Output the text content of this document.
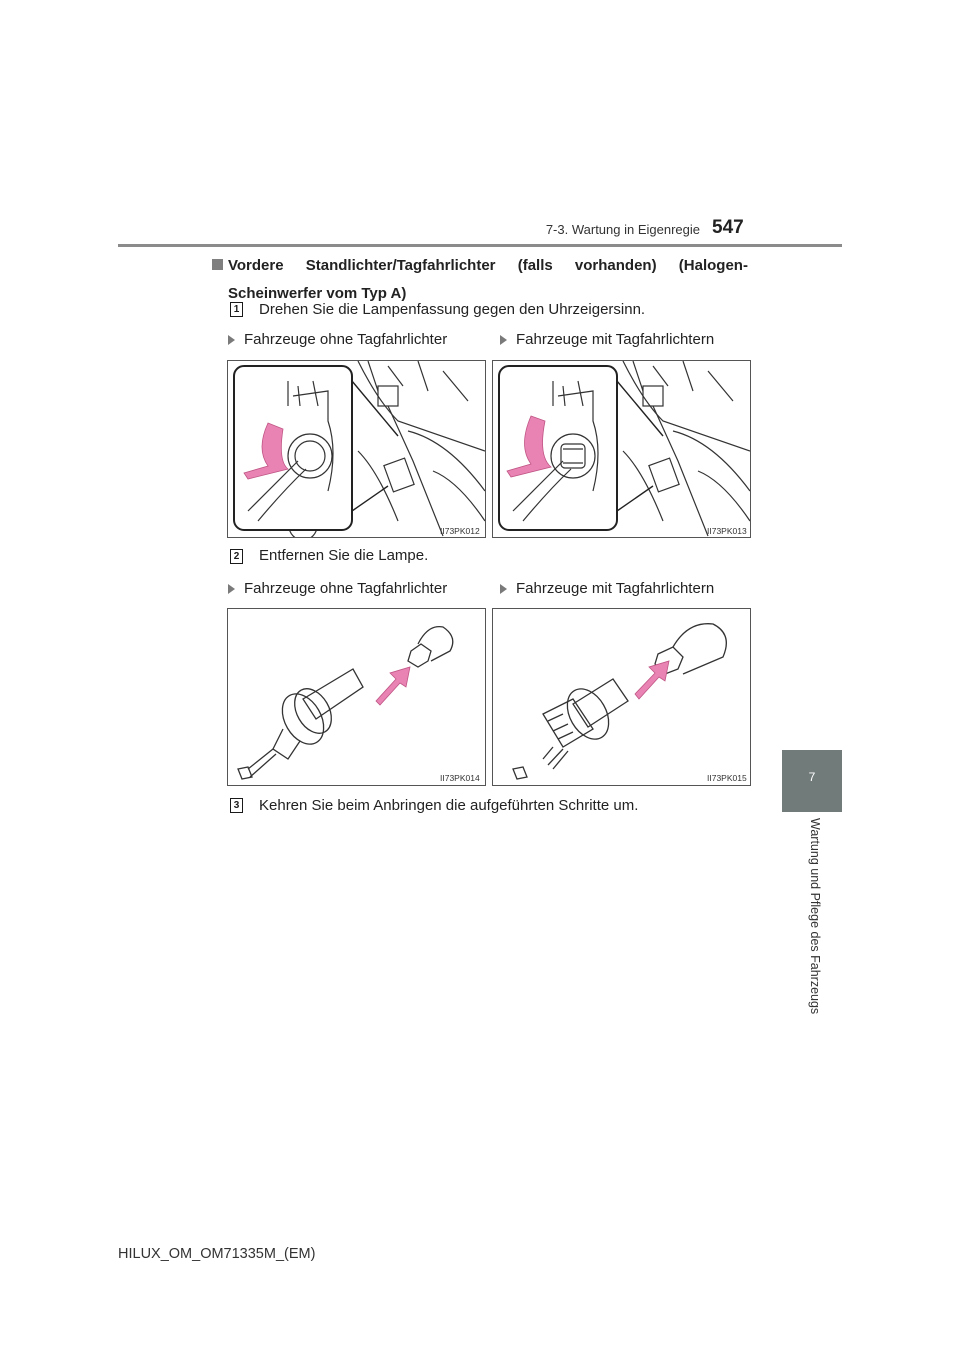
7-3. Wartung in Eigenregie 547
7
Wartung und Pflege des Fahrzeugs
Vordere Standlichter/Tagfahrlichter (falls vorhanden) (Halogen-
Scheinwerfer vom Typ A)
1 Drehen Sie die Lampenfassung gegen den Uhrzeigersinn.
Fahrzeuge ohne Tagfahrlichter	Fahrzeuge mit Tagfahrlichtern
II73PK012	II73PK013
2 Entfernen Sie die Lampe.
Fahrzeuge ohne Tagfahrlichter	Fahrzeuge mit Tagfahrlichtern
II73PK014	II73PK015
3 Kehren Sie beim Anbringen die aufgeführten Schritte um.
HILUX_OM_OM71335M_(EM)
